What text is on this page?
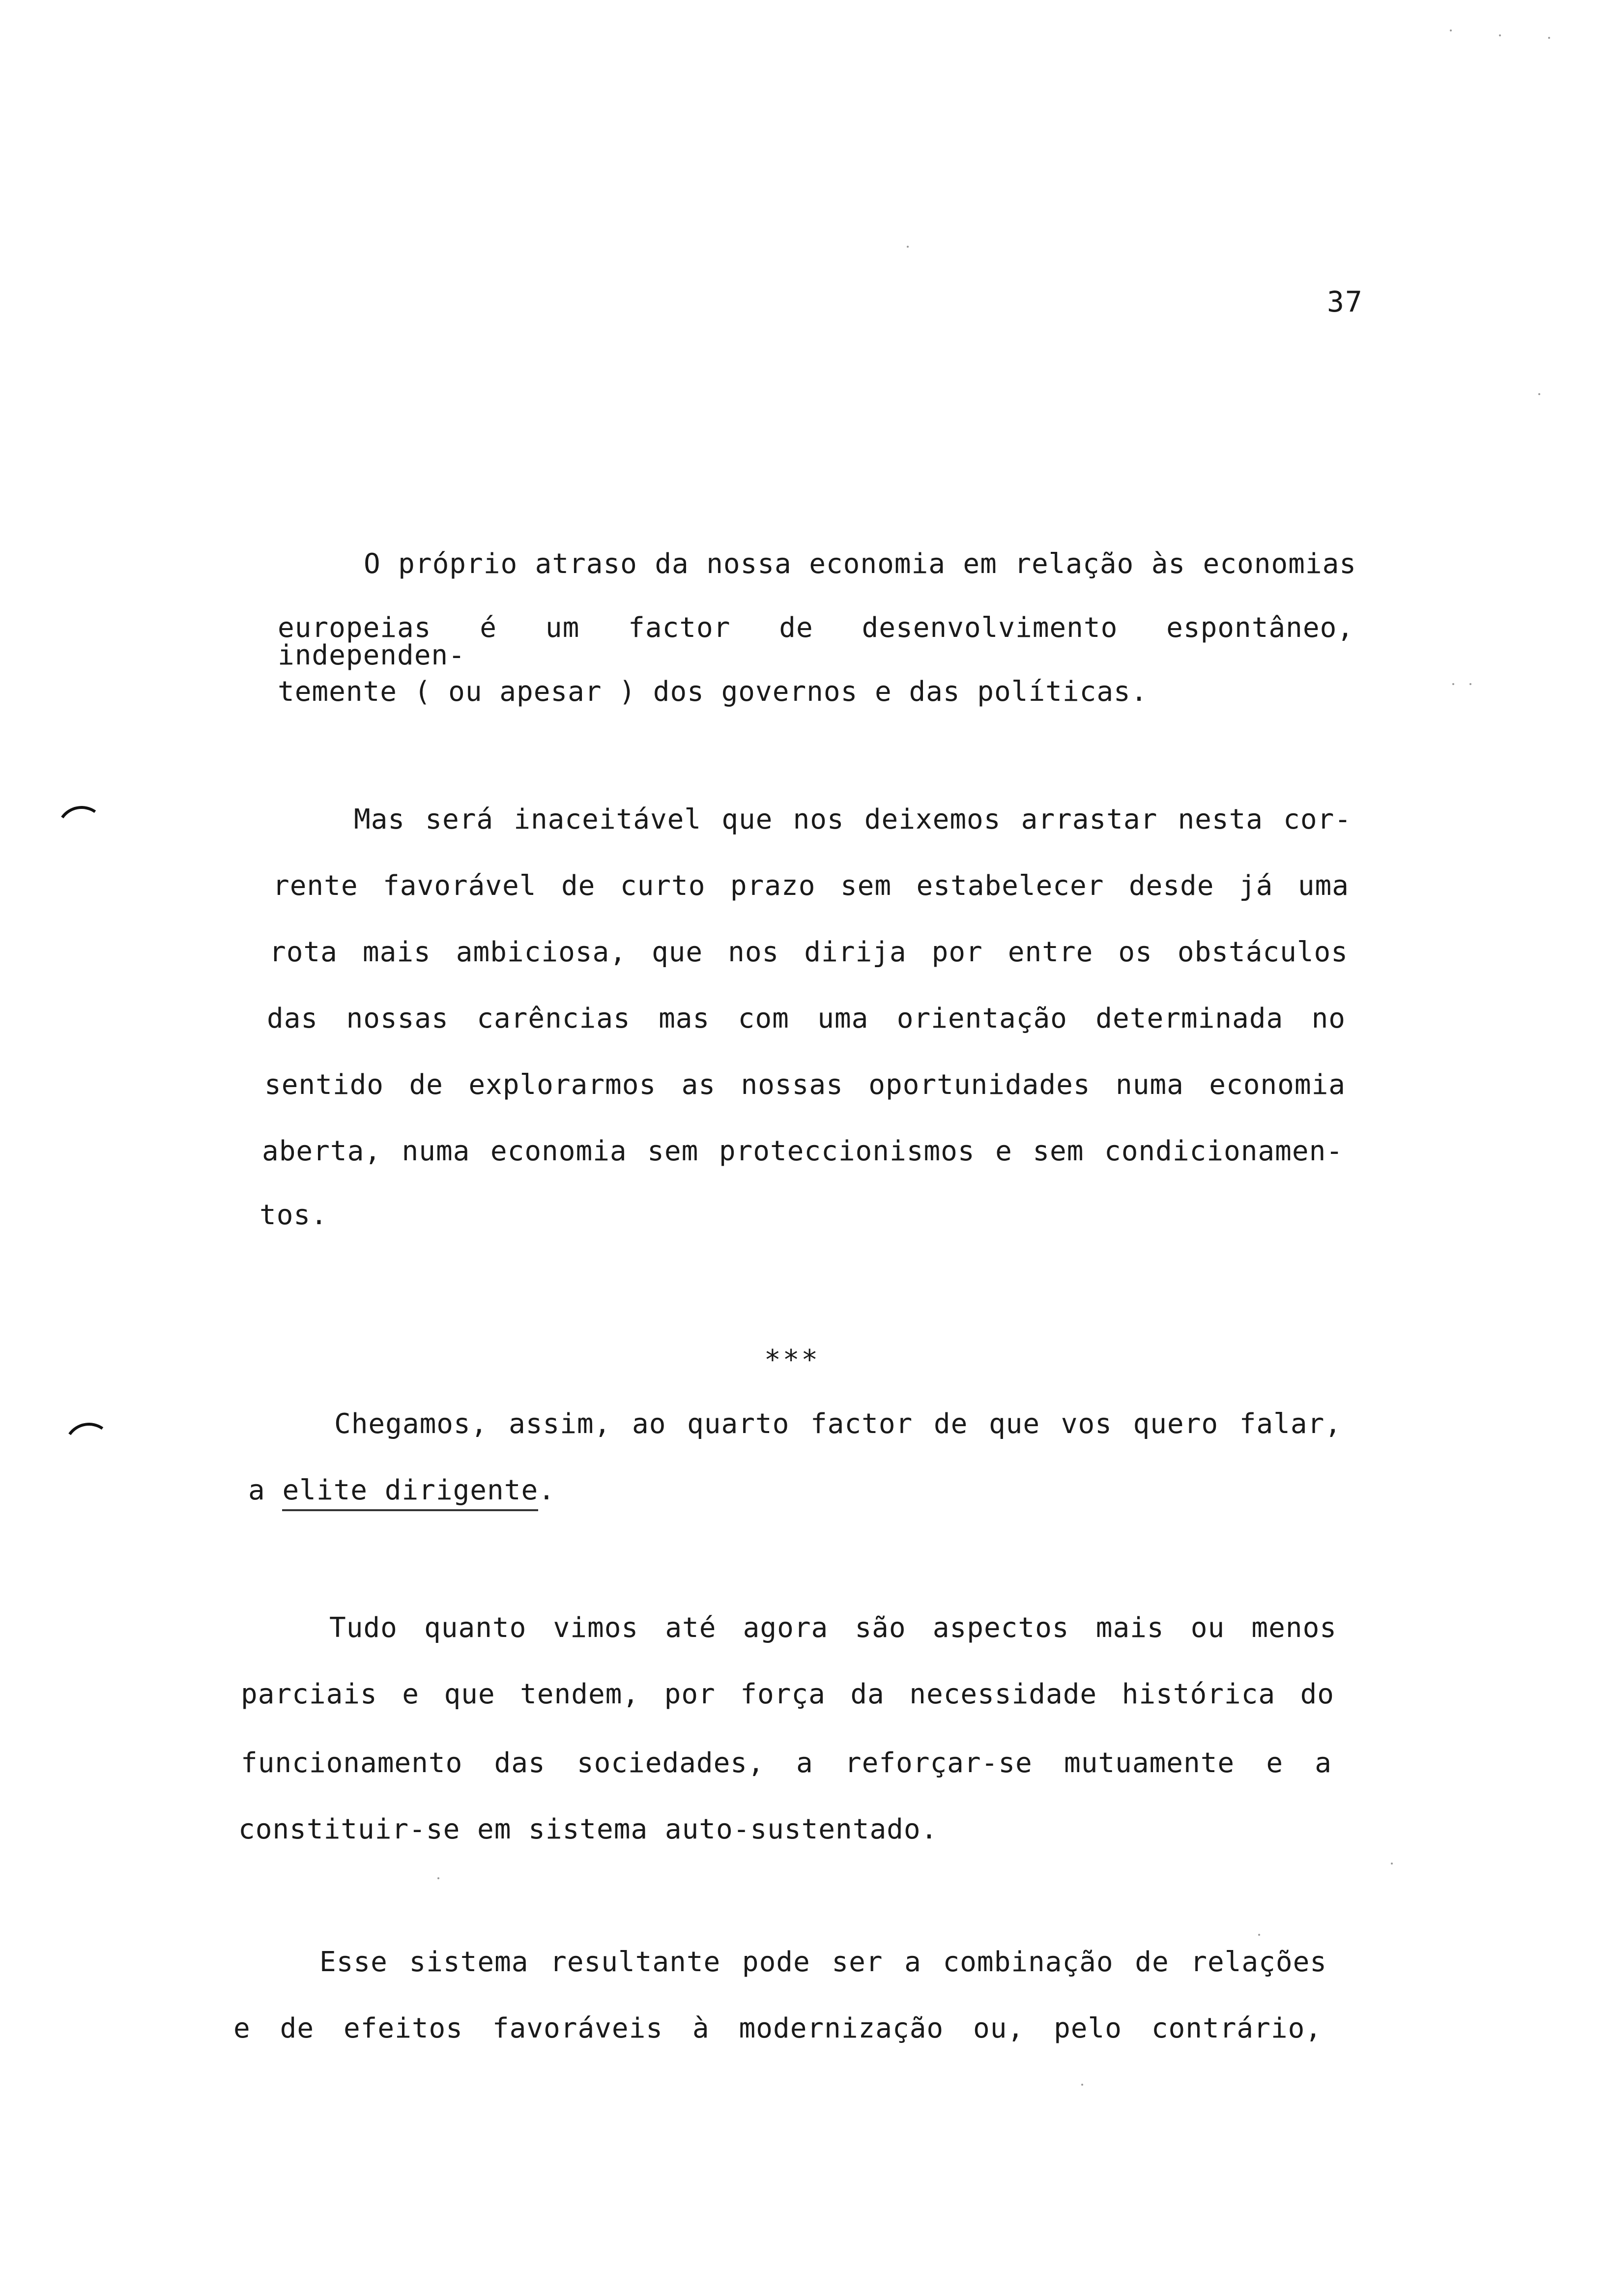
37
O próprio atraso da nossa economia em relação às economias
europeias é um factor de desenvolvimento espontâneo, independen-
temente ( ou apesar ) dos governos e das políticas.
Mas será inaceitável que nos deixemos arrastar nesta cor-
rente favorável de curto prazo sem estabelecer desde já uma
rota mais ambiciosa, que nos dirija por entre os obstáculos
das nossas carências mas com uma orientação determinada no
sentido de explorarmos as nossas oportunidades numa economia
aberta, numa economia sem proteccionismos e sem condicionamen-
tos.
***
Chegamos, assim, ao quarto factor de que vos quero falar,
a elite dirigente.
Tudo quanto vimos até agora são aspectos mais ou menos
parciais e que tendem, por força da necessidade histórica do
funcionamento das sociedades, a reforçar-se mutuamente e a
constituir-se em sistema auto-sustentado.
Esse sistema resultante pode ser a combinação de relações
e de efeitos favoráveis à modernização ou, pelo contrário,
